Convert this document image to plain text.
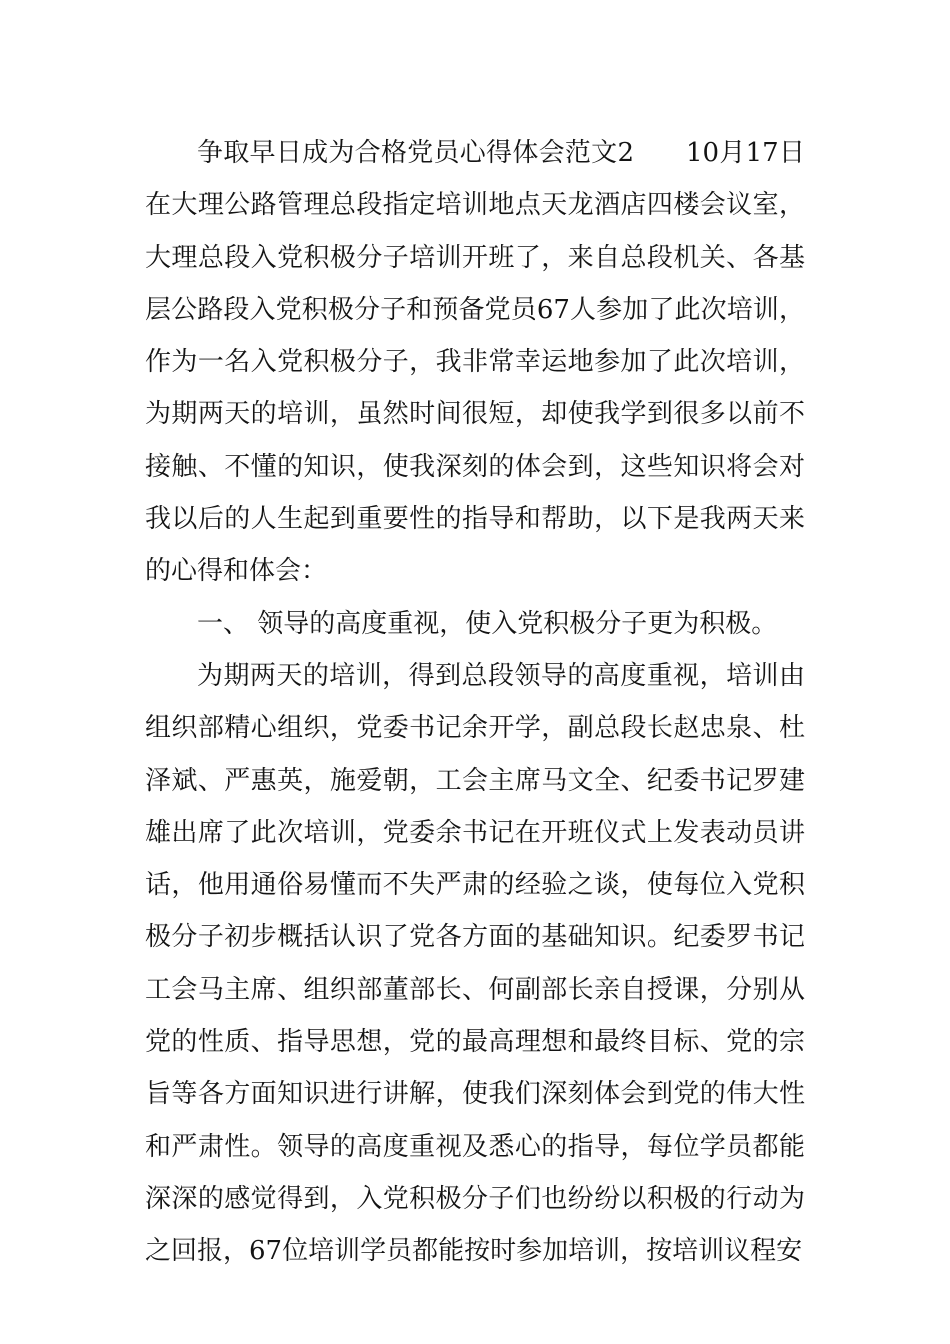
争取早日成为合格党员心得体会范文2 10月17日在大理公路管理总段指定培训地点天龙酒店四楼会议室，大理总段入党积极分子培训开班了，来自总段机关、各基层公路段入党积极分子和预备党员67人参加了此次培训，作为一名入党积极分子，我非常幸运地参加了此次培训，为期两天的培训，虽然时间很短，却使我学到很多以前不接触、不懂的知识，使我深刻的体会到，这些知识将会对我以后的人生起到重要性的指导和帮助，以下是我两天来的心得和体会：

一、 领导的高度重视，使入党积极分子更为积极。

为期两天的培训，得到总段领导的高度重视，培训由组织部精心组织，党委书记余开学，副总段长赵忠泉、杜泽斌、严惠英，施爱朝，工会主席马文全、纪委书记罗建雄出席了此次培训，党委余书记在开班仪式上发表动员讲话，他用通俗易懂而不失严肃的经验之谈，使每位入党积极分子初步概括认识了党各方面的基础知识。纪委罗书记工会马主席、组织部董部长、何副部长亲自授课，分别从党的性质、指导思想，党的最高理想和最终目标、党的宗旨等各方面知识进行讲解，使我们深刻体会到党的伟大性和严肃性。领导的高度重视及悉心的指导，每位学员都能深深的感觉得到，入党积极分子们也纷纷以积极的行动为之回报，67位培训学员都能按时参加培训，按培训议程安
